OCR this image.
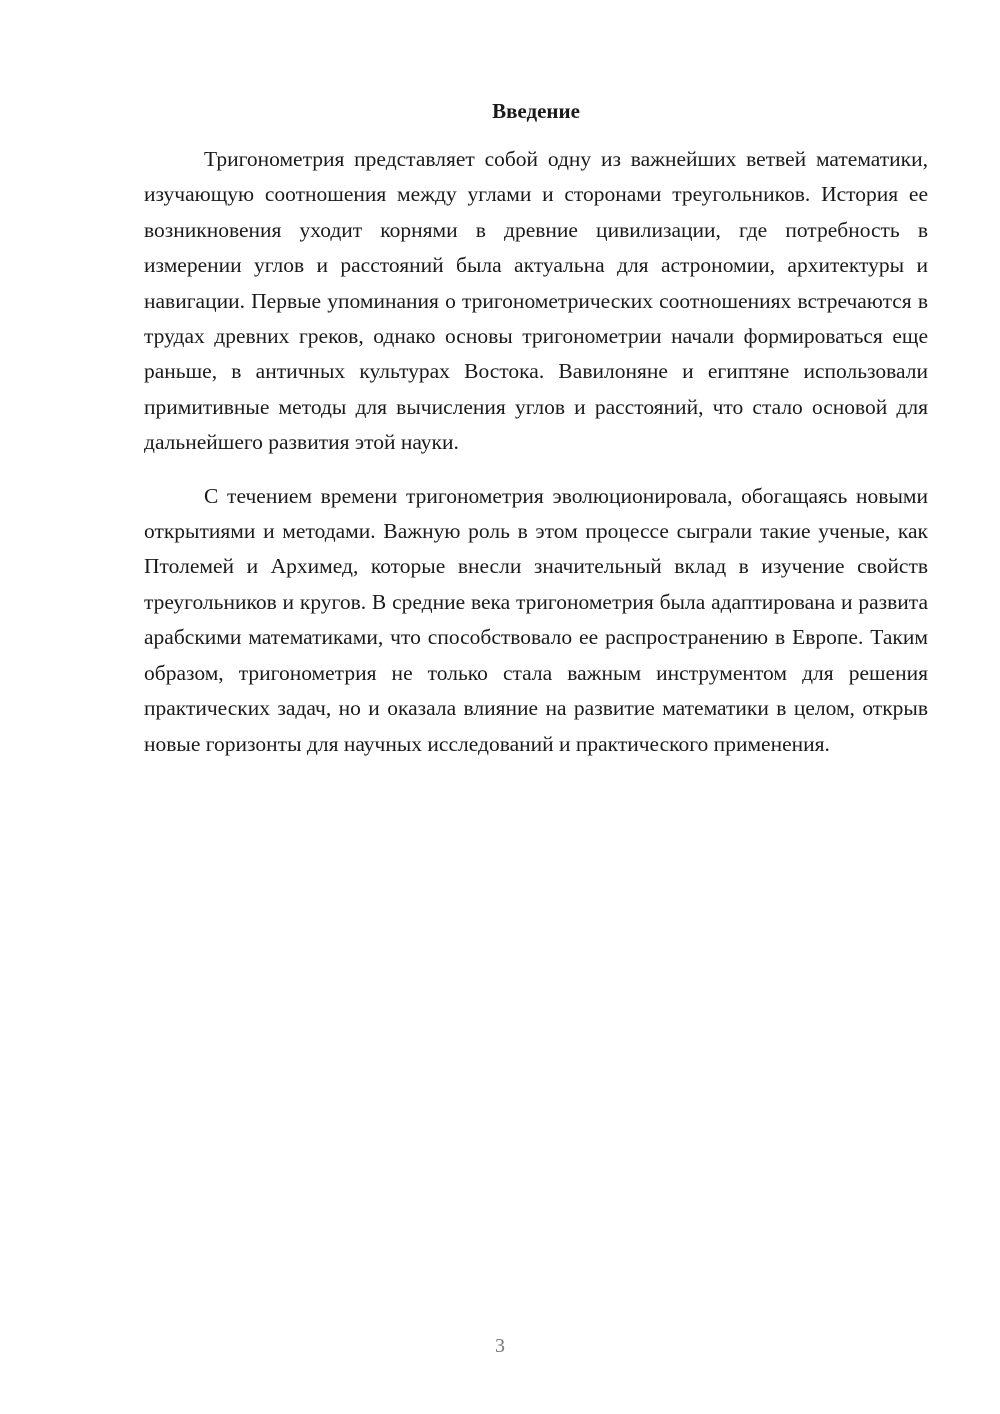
Введение

Тригонометрия представляет собой одну из важнейших ветвей математики, изучающую соотношения между углами и сторонами треугольников. История ее возникновения уходит корнями в древние цивилизации, где потребность в измерении углов и расстояний была актуальна для астрономии, архитектуры и навигации. Первые упоминания о тригонометрических соотношениях встречаются в трудах древних греков, однако основы тригонометрии начали формироваться еще раньше, в античных культурах Востока. Вавилоняне и египтяне использовали примитивные методы для вычисления углов и расстояний, что стало основой для дальнейшего развития этой науки.

С течением времени тригонометрия эволюционировала, обогащаясь новыми открытиями и методами. Важную роль в этом процессе сыграли такие ученые, как Птолемей и Архимед, которые внесли значительный вклад в изучение свойств треугольников и кругов. В средние века тригонометрия была адаптирована и развита арабскими математиками, что способствовало ее распространению в Европе. Таким образом, тригонометрия не только стала важным инструментом для решения практических задач, но и оказала влияние на развитие математики в целом, открыв новые горизонты для научных исследований и практического применения.

3
